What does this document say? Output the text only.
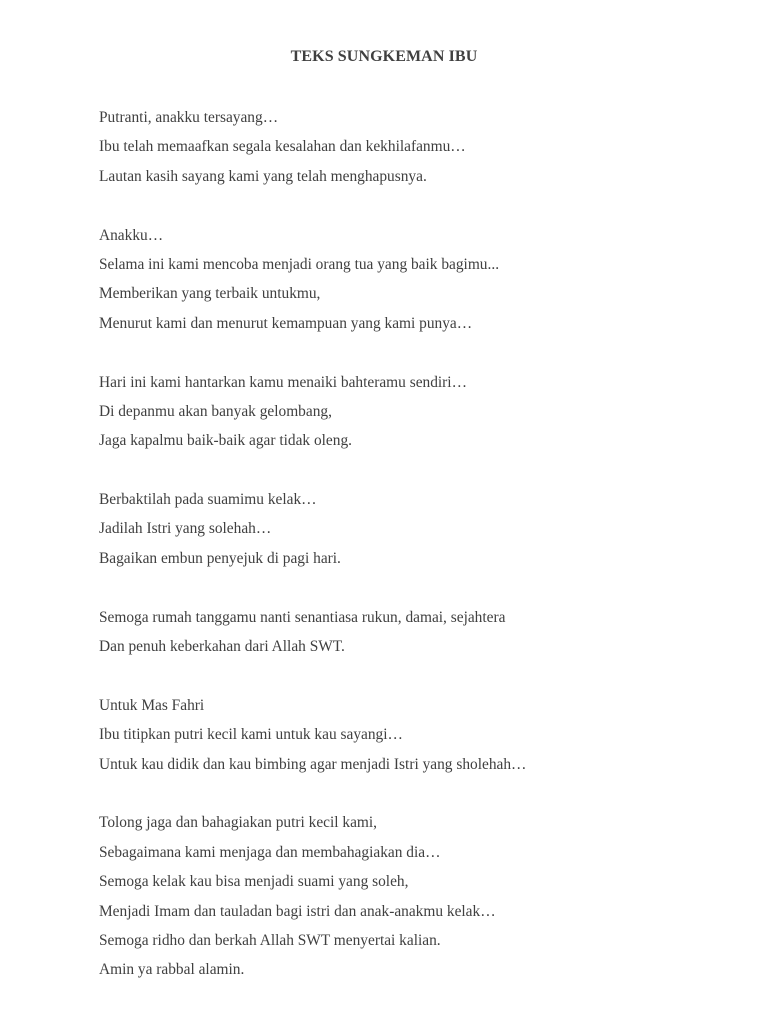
TEKS SUNGKEMAN IBU
Putranti, anakku tersayang…
Ibu telah memaafkan segala kesalahan dan kekhilafanmu…
Lautan kasih sayang kami yang telah menghapusnya.
Anakku…
Selama ini kami mencoba menjadi orang tua yang baik bagimu...
Memberikan yang terbaik untukmu,
Menurut kami dan menurut kemampuan yang kami punya…
Hari ini kami hantarkan kamu menaiki bahteramu sendiri…
Di depanmu akan banyak gelombang,
Jaga kapalmu baik-baik agar tidak oleng.
Berbaktilah pada suamimu kelak…
Jadilah Istri yang solehah…
Bagaikan embun penyejuk di pagi hari.
Semoga rumah tanggamu nanti senantiasa rukun, damai, sejahtera
Dan penuh keberkahan dari Allah SWT.
Untuk Mas Fahri
Ibu titipkan putri kecil kami untuk kau sayangi…
Untuk kau didik dan kau bimbing agar menjadi Istri yang sholehah…
Tolong jaga dan bahagiakan putri kecil kami,
Sebagaimana kami menjaga dan membahagiakan dia…
Semoga kelak kau bisa menjadi suami yang soleh,
Menjadi Imam dan tauladan bagi istri dan anak-anakmu kelak…
Semoga ridho dan berkah Allah SWT menyertai kalian.
Amin ya rabbal alamin.
